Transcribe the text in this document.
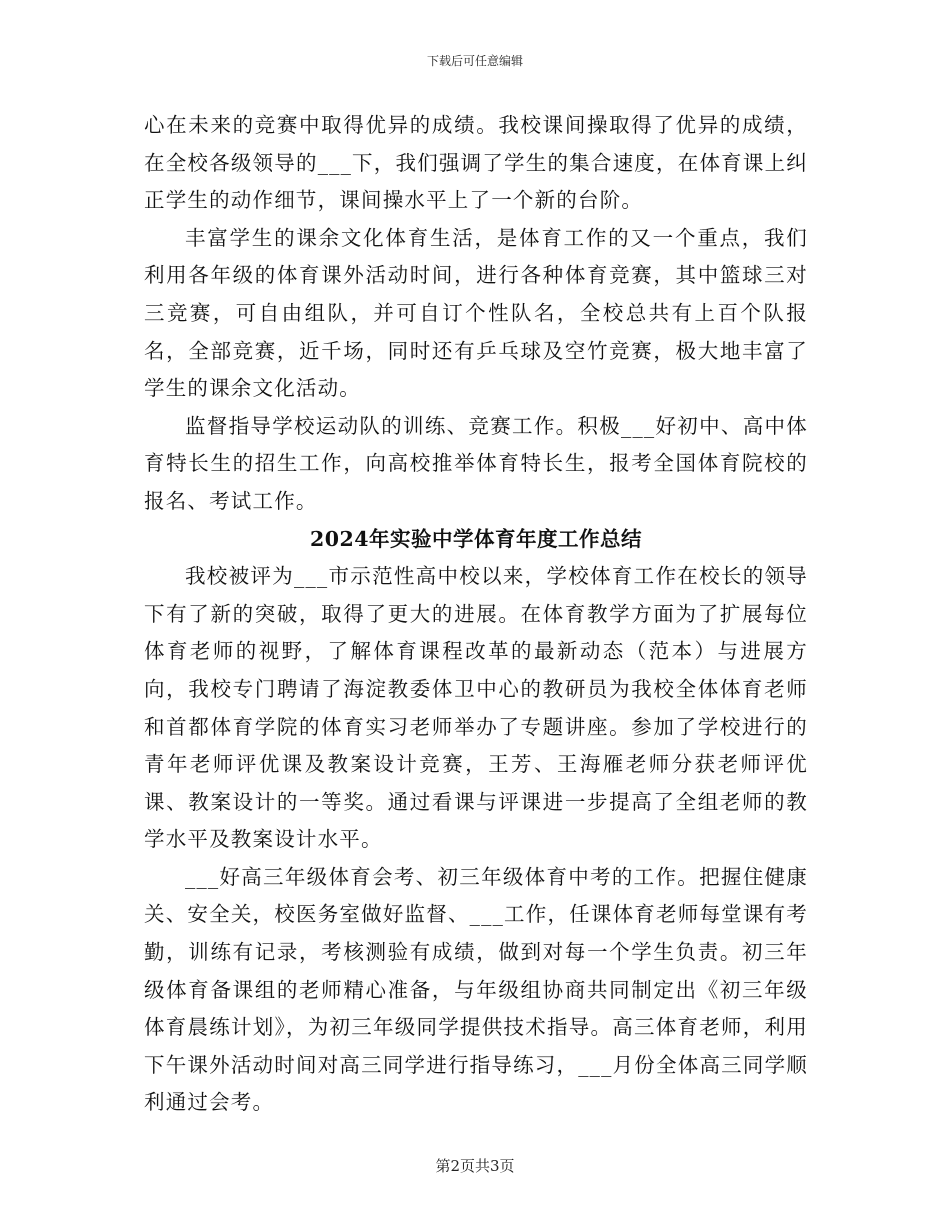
下载后可任意编辑

心在未来的竞赛中取得优异的成绩。我校课间操取得了优异的成绩，在全校各级领导的___下，我们强调了学生的集合速度，在体育课上纠正学生的动作细节，课间操水平上了一个新的台阶。

丰富学生的课余文化体育生活，是体育工作的又一个重点，我们利用各年级的体育课外活动时间，进行各种体育竞赛，其中篮球三对三竞赛，可自由组队，并可自订个性队名，全校总共有上百个队报名，全部竞赛，近千场，同时还有乒乓球及空竹竞赛，极大地丰富了学生的课余文化活动。

监督指导学校运动队的训练、竞赛工作。积极___好初中、高中体育特长生的招生工作，向高校推举体育特长生，报考全国体育院校的报名、考试工作。

2024年实验中学体育年度工作总结

我校被评为___市示范性高中校以来，学校体育工作在校长的领导下有了新的突破，取得了更大的进展。在体育教学方面为了扩展每位体育老师的视野，了解体育课程改革的最新动态（范本）与进展方向，我校专门聘请了海淀教委体卫中心的教研员为我校全体体育老师和首都体育学院的体育实习老师举办了专题讲座。参加了学校进行的青年老师评优课及教案设计竞赛，王芳、王海雁老师分获老师评优课、教案设计的一等奖。通过看课与评课进一步提高了全组老师的教学水平及教案设计水平。

___好高三年级体育会考、初三年级体育中考的工作。把握住健康关、安全关，校医务室做好监督、___工作，任课体育老师每堂课有考勤，训练有记录，考核测验有成绩，做到对每一个学生负责。初三年级体育备课组的老师精心准备，与年级组协商共同制定出《初三年级体育晨练计划》，为初三年级同学提供技术指导。高三体育老师，利用下午课外活动时间对高三同学进行指导练习，___月份全体高三同学顺利通过会考。

第2页共3页
